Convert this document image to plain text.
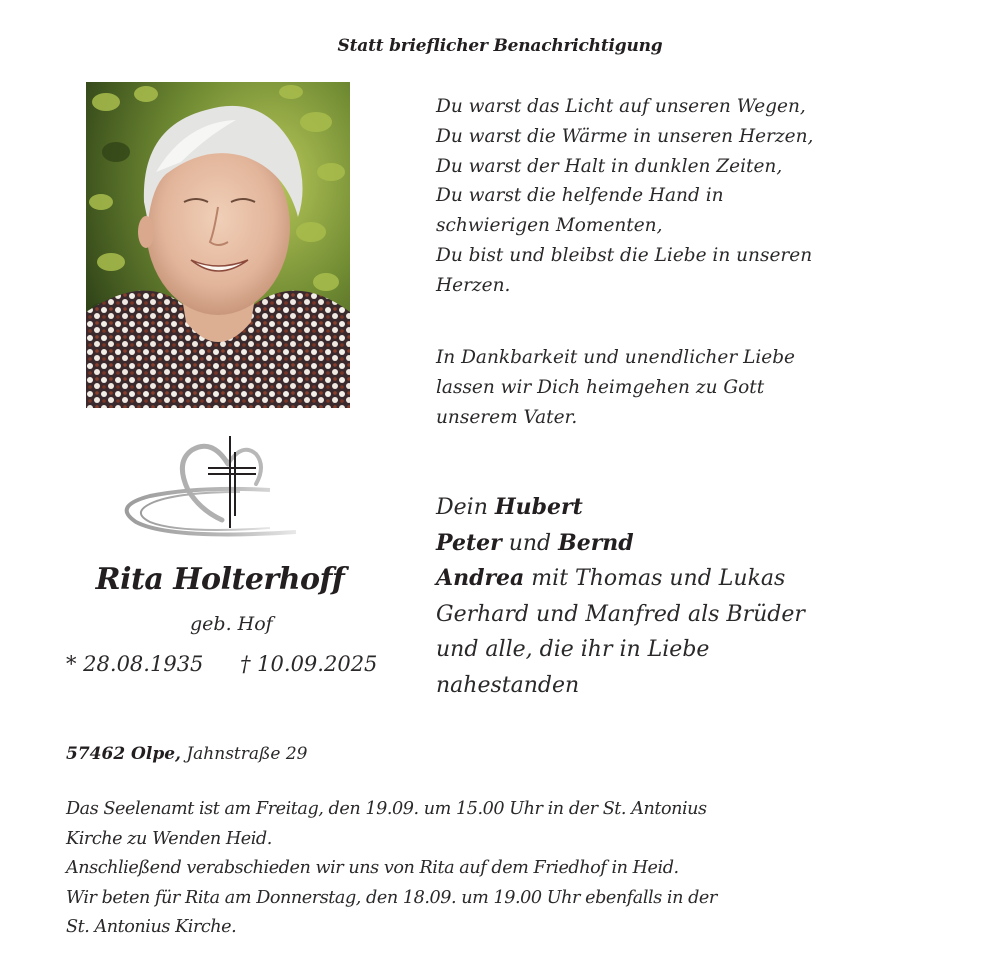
Statt brieflicher Benachrichtigung
Du warst das Licht auf unseren Wegen,
Du warst die Wärme in unseren Herzen,
Du warst der Halt in dunklen Zeiten,
Du warst die helfende Hand in
schwierigen Momenten,
Du bist und bleibst die Liebe in unseren
Herzen.
In Dankbarkeit und unendlicher Liebe
lassen wir Dich heimgehen zu Gott
unserem Vater.
Rita Holterhoff
geb. Hof
* 28.08.1935 † 10.09.2025
Dein Hubert
Peter und Bernd
Andrea mit Thomas und Lukas
Gerhard und Manfred als Brüder
und alle, die ihr in Liebe
nahestanden
57462 Olpe, Jahnstraße 29
Das Seelenamt ist am Freitag, den 19.09. um 15.00 Uhr in der St. Antonius
Kirche zu Wenden Heid.
Anschließend verabschieden wir uns von Rita auf dem Friedhof in Heid.
Wir beten für Rita am Donnerstag, den 18.09. um 19.00 Uhr ebenfalls in der
St. Antonius Kirche.
